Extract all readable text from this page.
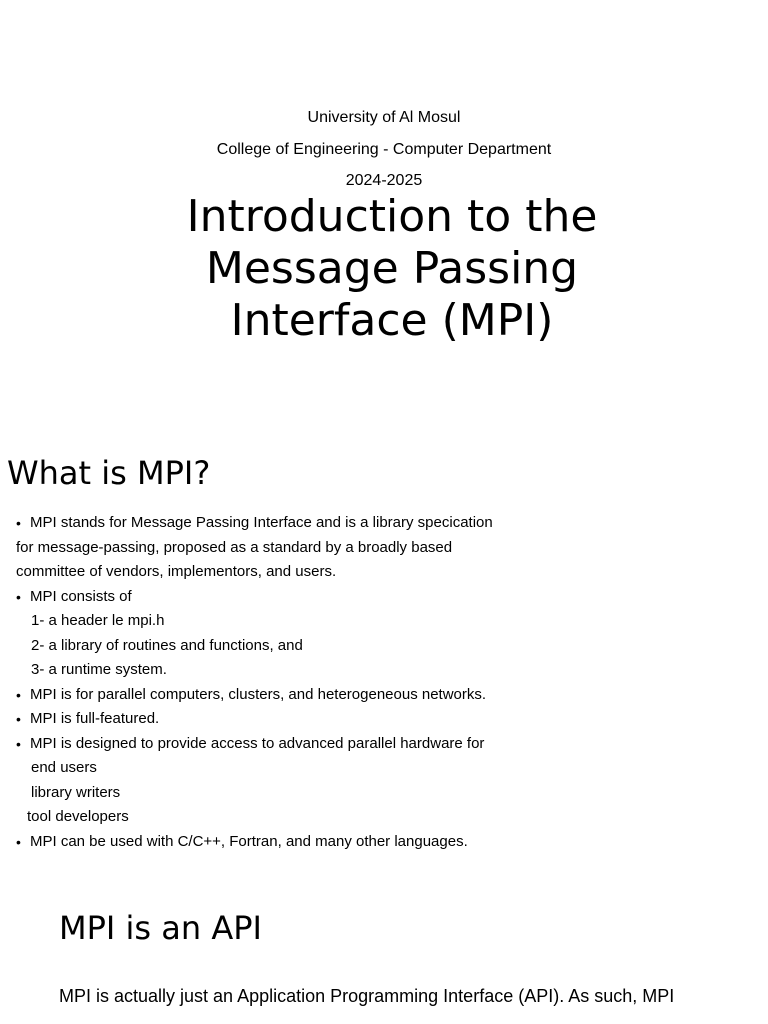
University of Al Mosul
College of Engineering - Computer Department
2024-2025
Introduction to the
Message Passing
Interface (MPI)
What is MPI?
• MPI stands for Message Passing Interface and is a library specication
for message-passing, proposed as a standard by a broadly based
committee of vendors, implementors, and users.
• MPI consists of
1- a header le mpi.h
2- a library of routines and functions, and
3- a runtime system.
• MPI is for parallel computers, clusters, and heterogeneous networks.
• MPI is full-featured.
• MPI is designed to provide access to advanced parallel hardware for
end users
library writers
tool developers
• MPI can be used with C/C++, Fortran, and many other languages.
MPI is an API
MPI is actually just an Application Programming Interface (API). As such, MPI
